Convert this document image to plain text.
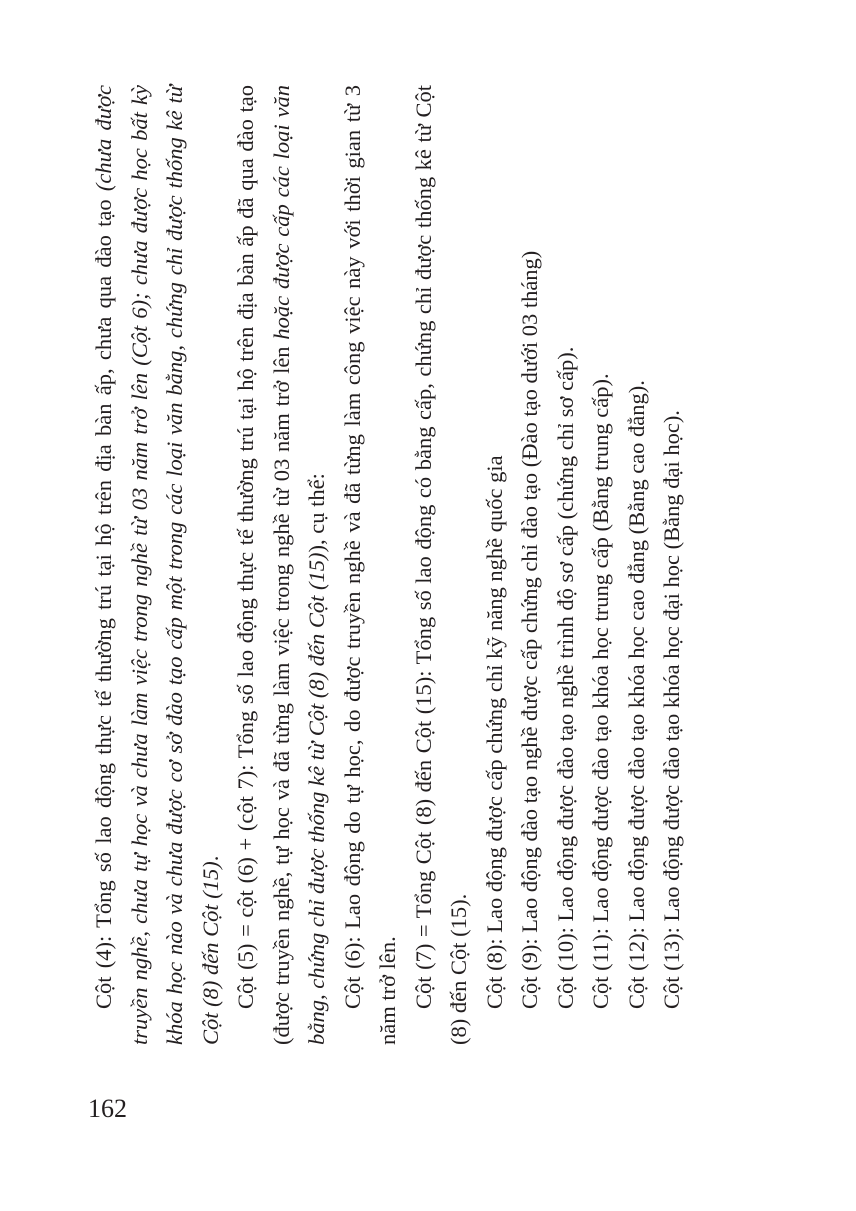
162

Cột (4): Tổng số lao động thực tế thường trú tại hộ trên địa bàn ấp, chưa qua đào tạo (chưa được truyền nghề, chưa tự học và chưa làm việc trong nghề từ 03 năm trở lên (Cột 6); chưa được học bất kỳ khóa học nào và chưa được cơ sở đào tạo cấp một trong các loại văn bằng, chứng chỉ được thống kê từ Cột (8) đến Cột (15). Cột (5) = cột (6) + (cột 7): Tổng số lao động thực tế thường trú tại hộ trên địa bàn ấp đã qua đào tạo (được truyền nghề, tự học và đã từng làm việc trong nghề từ 03 năm trở lên hoặc được cấp các loại văn bằng, chứng chỉ được thống kê từ Cột (8) đến Cột (15)), cụ thể: Cột (6): Lao động do tự học, do được truyền nghề và đã từng làm công việc này với thời gian từ 3 năm trở lên. Cột (7) = Tổng Cột (8) đến Cột (15): Tổng số lao động có bằng cấp, chứng chỉ được thống kê từ Cột (8) đến Cột (15). Cột (8): Lao động được cấp chứng chỉ kỹ năng nghề quốc gia Cột (9): Lao động đào tạo nghề được cấp chứng chỉ đào tạo (Đào tạo dưới 03 tháng) Cột (10): Lao động được đào tạo nghề trình độ sơ cấp (chứng chỉ sơ cấp). Cột (11): Lao động được đào tạo khóa học trung cấp (Bằng trung cấp). Cột (12): Lao động được đào tạo khóa học cao đẳng (Bằng cao đẳng). Cột (13): Lao động được đào tạo khóa học đại học (Bằng đại học).
